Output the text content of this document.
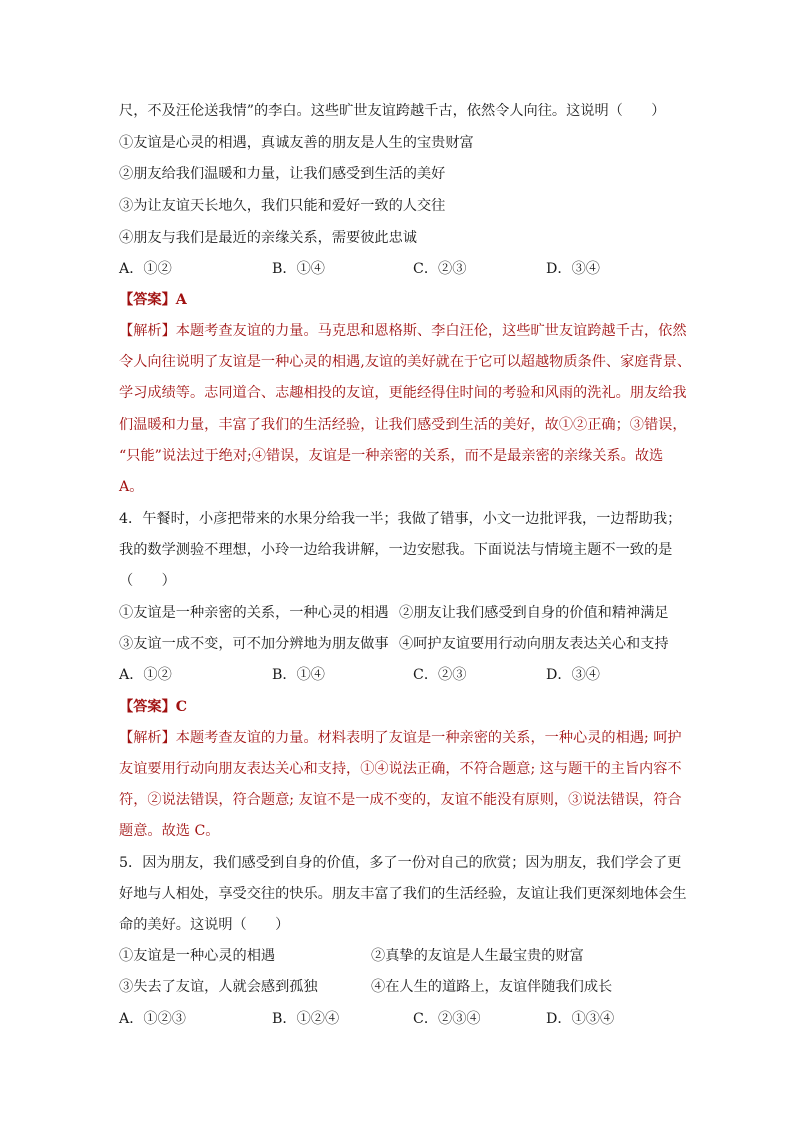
尺，不及汪伦送我情”的李白。这些旷世友谊跨越千古，依然令人向往。这说明（　　）
①友谊是心灵的相遇，真诚友善的朋友是人生的宝贵财富
②朋友给我们温暖和力量，让我们感受到生活的美好
③为让友谊天长地久，我们只能和爱好一致的人交往
④朋友与我们是最近的亲缘关系，需要彼此忠诚
A．①②	B．①④	C．②③	D．③④
【答案】A
【解析】本题考查友谊的力量。马克思和恩格斯、李白汪伦，这些旷世友谊跨越千古，依然
令人向往说明了友谊是一种心灵的相遇,友谊的美好就在于它可以超越物质条件、家庭背景、
学习成绩等。志同道合、志趣相投的友谊，更能经得住时间的考验和风雨的洗礼。朋友给我
们温暖和力量，丰富了我们的生活经验，让我们感受到生活的美好，故①②正确；③错误，
“只能”说法过于绝对;④错误，友谊是一种亲密的关系，而不是最亲密的亲缘关系。故选
A。
4．午餐时，小彦把带来的水果分给我一半；我做了错事，小文一边批评我，一边帮助我；
我的数学测验不理想，小玲一边给我讲解，一边安慰我。下面说法与情境主题不一致的是
（　　）
①友谊是一种亲密的关系，一种心灵的相遇 ②朋友让我们感受到自身的价值和精神满足
③友谊一成不变，可不加分辨地为朋友做事 ④呵护友谊要用行动向朋友表达关心和支持
A．①②	B．①④	C．②③	D．③④
【答案】C
【解析】本题考查友谊的力量。材料表明了友谊是一种亲密的关系，一种心灵的相遇; 呵护
友谊要用行动向朋友表达关心和支持，①④说法正确，不符合题意; 这与题干的主旨内容不
符，②说法错误，符合题意; 友谊不是一成不变的，友谊不能没有原则，③说法错误，符合
题意。故选 C。
5．因为朋友，我们感受到自身的价值，多了一份对自己的欣赏；因为朋友，我们学会了更
好地与人相处，享受交往的快乐。朋友丰富了我们的生活经验，友谊让我们更深刻地体会生
命的美好。这说明（　　）
①友谊是一种心灵的相遇	②真挚的友谊是人生最宝贵的财富
③失去了友谊，人就会感到孤独	④在人生的道路上，友谊伴随我们成长
A．①②③	B．①②④	C．②③④	D．①③④
